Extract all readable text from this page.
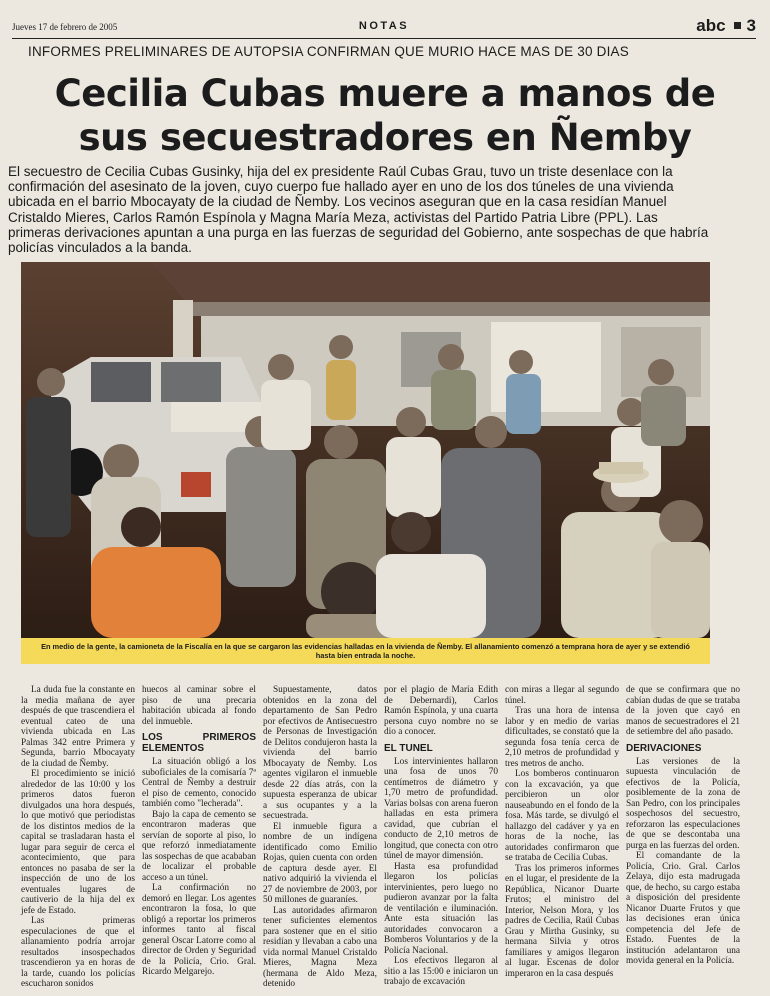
Jueves 17 de febrero de 2005	NOTAS	abc 3
INFORMES PRELIMINARES DE AUTOPSIA CONFIRMAN QUE MURIO HACE MAS DE 30 DIAS
Cecilia Cubas muere a manos de
sus secuestradores en Ñemby
El secuestro de Cecilia Cubas Gusinky, hija del ex presidente Raúl Cubas Grau, tuvo un triste desenlace con la confirmación del asesinato de la joven, cuyo cuerpo fue hallado ayer en uno de los dos túneles de una vivienda ubicada en el barrio Mbocayaty de la ciudad de Ñemby. Los vecinos aseguran que en la casa residían Manuel Cristaldo Mieres, Carlos Ramón Espínola y Magna María Meza, activistas del Partido Patria Libre (PPL). Las primeras derivaciones apuntan a una purga en las fuerzas de seguridad del Gobierno, ante sospechas de que habría policías vinculados a la banda.
En medio de la gente, la camioneta de la Fiscalía en la que se cargaron las evidencias halladas en la vivienda de Ñemby. El allanamiento comenzó a temprana hora de ayer y se extendió hasta bien entrada la noche.

La duda fue la constante en la media mañana de ayer después de que trascendiera el eventual cateo de una vivienda ubicada en Las Palmas 342 entre Primera y Segunda, barrio Mbocayaty de la ciudad de Ñemby.

El procedimiento se inició alrededor de las 10:00 y los primeros datos fueron divulgados una hora después, lo que motivó que periodistas de los distintos medios de la capital se trasladaran hasta el lugar para seguir de cerca el acontecimiento, que para entonces no pasaba de ser la inspección de uno de los eventuales lugares de cautiverio de la hija del ex jefe de Estado.

Las primeras especulaciones de que el allanamiento podría arrojar resultados insospechados trascendieron ya en horas de la tarde, cuando los policías escucharon sonidos

huecos al caminar sobre el piso de una precaria habitación ubicada al fondo del inmueble.

LOS PRIMEROS ELEMENTOS

La situación obligó a los suboficiales de la comisaría 7ª Central de Ñemby a destruir el piso de cemento, conocido también como "lecherada".

Bajo la capa de cemento se encontraron maderas que servían de soporte al piso, lo que reforzó inmediatamente las sospechas de que acababan de localizar el probable acceso a un túnel.

La confirmación no demoró en llegar. Los agentes encontraron la fosa, lo que obligó a reportar los primeros informes tanto al fiscal general Oscar Latorre como al director de Orden y Seguridad de la Policía, Crio. Gral. Ricardo Melgarejo.

Supuestamente, datos obtenidos en la zona del departamento de San Pedro por efectivos de Antisecuestro de Personas de Investigación de Delitos condujeron hasta la vivienda del barrio Mbocayaty de Ñemby. Los agentes vigilaron el inmueble desde 22 días atrás, con la supuesta esperanza de ubicar a sus ocupantes y a la secuestrada.

El inmueble figura a nombre de un indígena identificado como Emilio Rojas, quien cuenta con orden de captura desde ayer. El nativo adquirió la vivienda el 27 de noviembre de 2003, por 50 millones de guaraníes.

Las autoridades afirmaron tener suficientes elementos para sostener que en el sitio residían y llevaban a cabo una vida normal Manuel Cristaldo Mieres, Magna Meza (hermana de Aldo Meza, detenido

por el plagio de María Edith de Debernardi), Carlos Ramón Espínola, y una cuarta persona cuyo nombre no se dio a conocer.

EL TUNEL

Los intervinientes hallaron una fosa de unos 70 centímetros de diámetro y 1,70 metro de profundidad. Varias bolsas con arena fueron halladas en esta primera cavidad, que cubrían el conducto de 2,10 metros de longitud, que conecta con otro túnel de mayor dimensión.

Hasta esa profundidad llegaron los policías intervinientes, pero luego no pudieron avanzar por la falta de ventilación e iluminación. Ante esta situación las autoridades convocaron a Bomberos Voluntarios y de la Policía Nacional.

Los efectivos llegaron al sitio a las 15:00 e iniciaron un trabajo de excavación

con miras a llegar al segundo túnel.

Tras una hora de intensa labor y en medio de varias dificultades, se constató que la segunda fosa tenía cerca de 2,10 metros de profundidad y tres metros de ancho.

Los bomberos continuaron con la excavación, ya que percibieron un olor nauseabundo en el fondo de la fosa. Más tarde, se divulgó el hallazgo del cadáver y ya en horas de la noche, las autoridades confirmaron que se trataba de Cecilia Cubas.

Tras los primeros informes en el lugar, el presidente de la República, Nicanor Duarte Frutos; el ministro del Interior, Nelson Mora, y los padres de Cecilia, Raúl Cubas Grau y Mirtha Gusinky, su hermana Silvia y otros familiares y amigos llegaron al lugar. Escenas de dolor imperaron en la casa después

de que se confirmara que no cabían dudas de que se trataba de la joven que cayó en manos de secuestradores el 21 de setiembre del año pasado.

DERIVACIONES

Las versiones de la supuesta vinculación de efectivos de la Policía, posiblemente de la zona de San Pedro, con los principales sospechosos del secuestro, reforzaron las especulaciones de que se descontaba una purga en las fuerzas del orden.

El comandante de la Policía, Crio. Gral. Carlos Zelaya, dijo esta madrugada que, de hecho, su cargo estaba a disposición del presidente Nicanor Duarte Frutos y que las decisiones eran única competencia del Jefe de Estado. Fuentes de la institución adelantaron una movida general en la Policía.
